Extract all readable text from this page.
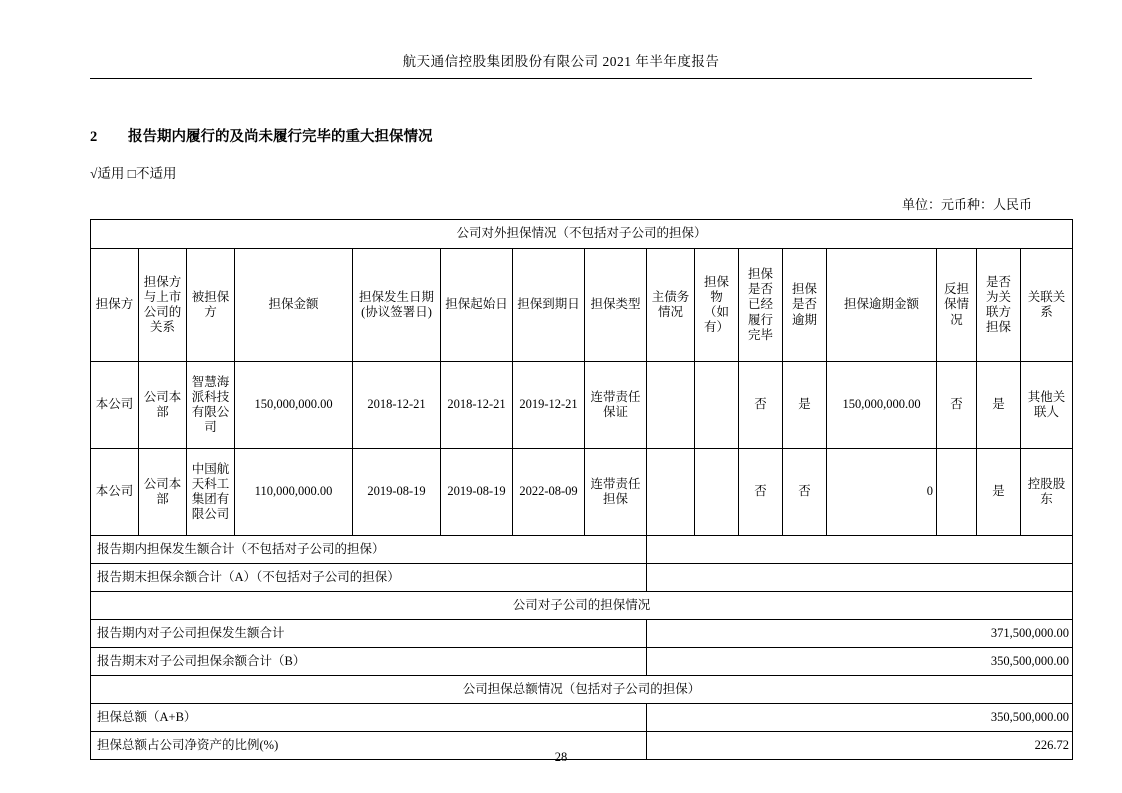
航天通信控股集团股份有限公司 2021 年半年度报告
2	报告期内履行的及尚未履行完毕的重大担保情况
√适用 □不适用
单位：元币种：人民币
公司对外担保情况（不包括对子公司的担保）															
担保方	担保方与上市公司的关系	被担保方	担保金额	担保发生日期(协议签署日)	担保起始日	担保到期日	担保类型	主债务情况	担保物（如有）	担保是否已经履行完毕	担保是否逾期	担保逾期金额	反担保情况	是否为关联方担保	关联关系
本公司	公司本部	智慧海派科技有限公司	150,000,000.00	2018-12-21	2018-12-21	2019-12-21	连带责任保证			否	是	150,000,000.00	否	是	其他关联人
本公司	公司本部	中国航天科工集团有限公司	110,000,000.00	2019-08-19	2019-08-19	2022-08-09	连带责任担保			否	否	0		是	控股股东
报告期内担保发生额合计（不包括对子公司的担保）															
报告期末担保余额合计（A）（不包括对子公司的担保）															
公司对子公司的担保情况															
报告期内对子公司担保发生额合计								371,500,000.00							
报告期末对子公司担保余额合计（B）								350,500,000.00							
公司担保总额情况（包括对子公司的担保）															
担保总额（A+B）								350,500,000.00							
担保总额占公司净资产的比例(%)								226.72							
28
